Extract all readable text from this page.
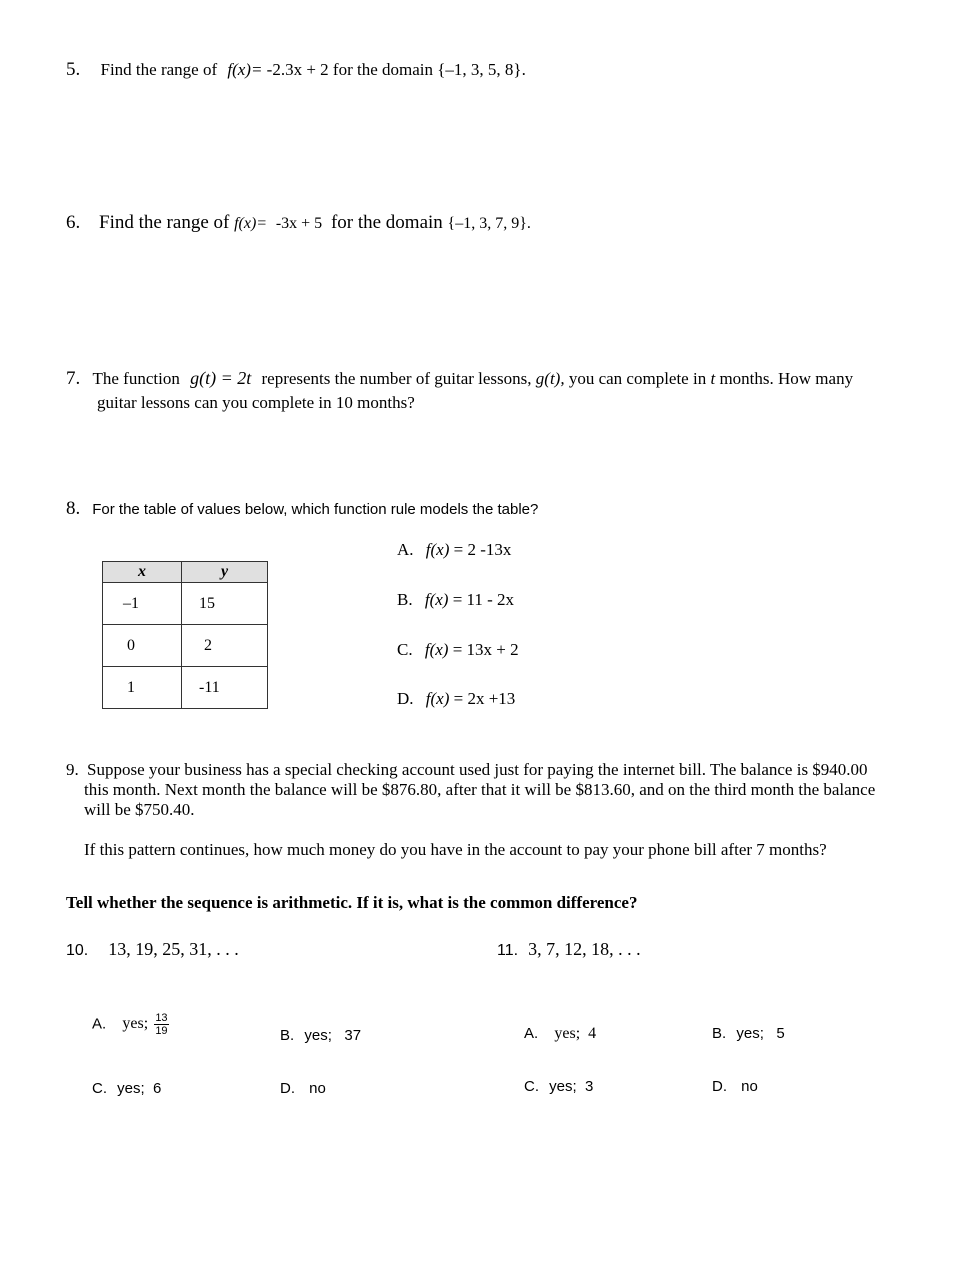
5. Find the range of f(x)= -2.3x + 2 for the domain {–1, 3, 5, 8}.
6. Find the range of f(x)= -3x + 5 for the domain {–1, 3, 7, 9}.
7. The function g(t) = 2t represents the number of guitar lessons, g(t), you can complete in t months. How many
guitar lessons can you complete in 10 months?
8. For the table of values below, which function rule models the table?
x	y
–1	15
0	2
1	-11
A. f(x) = 2 -13x
B. f(x) = 11 - 2x
C. f(x) = 13x + 2
D. f(x) = 2x +13
9. Suppose your business has a special checking account used just for paying the internet bill. The balance is $940.00
this month. Next month the balance will be $876.80, after that it will be $813.60, and on the third month the balance
will be $750.40.
If this pattern continues, how much money do you have in the account to pay your phone bill after 7 months?
Tell whether the sequence is arithmetic. If it is, what is the common difference?
10. 13, 19, 25, 31, . . .	11. 3, 7, 12, 18, . . .
A. yes; $\frac{13}{19}$	B. yes;   37
C. yes;  6	D. no
A. yes;  4	B. yes;   5
C. yes;  3	D. no
